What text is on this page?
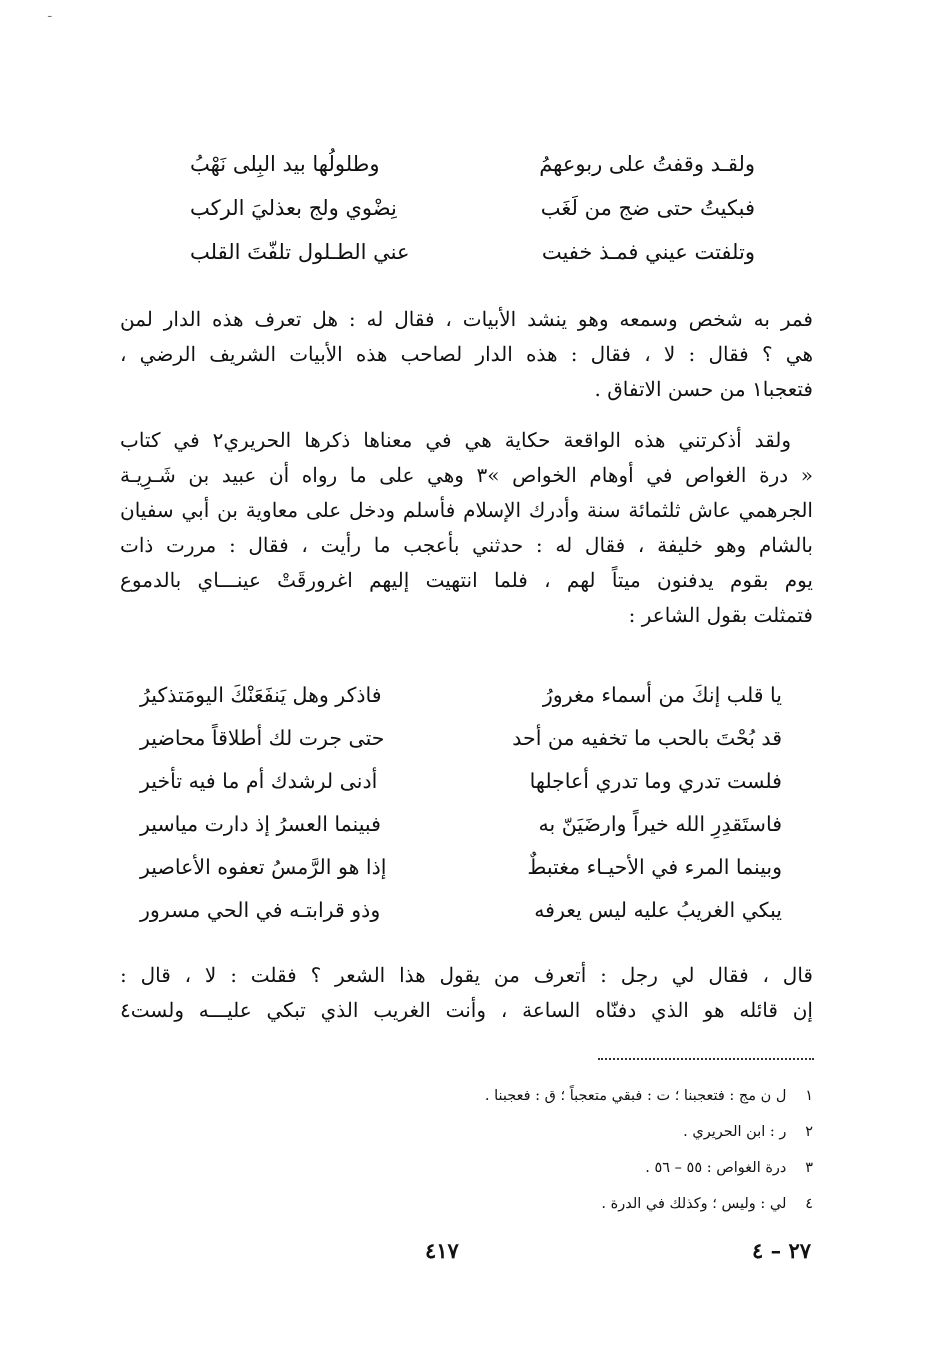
ـ
ولقـد وقفتُ على ربوعهمُ
وطلولُها بيد البِلى نَهْبُ
فبكيتُ حتى ضج من لَغَب
نِضْوي ولج بعذليَ الركب
وتلفتت عيني فمـذ خفيت
عني الطـلول تلفّتَ القلب
فمر به شخص وسمعه وهو ينشد الأبيات ، فقال له : هل تعرف هذه الدار لمن
هي ؟ فقال : لا ، فقال : هذه الدار لصاحب هذه الأبيات الشريف الرضي ،
فتعجبا١ من حسن الاتفاق .
ولقد أذكرتني هذه الواقعة حكاية هي في معناها ذكرها الحريري٢ في كتاب
« درة الغواص في أوهام الخواص »٣ وهي على ما رواه أن عبيد بن شَـرِيـة
الجرهمي عاش ثلثمائة سنة وأدرك الإسلام فأسلم ودخل على معاوية بن أبي سفيان
بالشام وهو خليفة ، فقال له : حدثني بأعجب ما رأيت ، فقال : مررت ذات
يوم بقوم يدفنون ميتاً لهم ، فلما انتهيت إليهم اغرورقَتْ عينـــاي بالدموع
فتمثلت بقول الشاعر :
يا قلب إنكَ من أسماء مغرورُ
فاذكر وهل يَنفَعَنْكَ اليومَتذكيرُ
قد بُحْتَ بالحب ما تخفيه من أحد
حتى جرت لك أطلاقاً محاضير
فلست تدري وما تدري أعاجلها
أدنى لرشدك أم ما فيه تأخير
فاستَقدِرِ الله خيراً وارضَيَنّ به
فبينما العسرُ إذ دارت مياسير
وبينما المرء في الأحيـاء مغتبطٌ
إذا هو الرَّمسُ تعفوه الأعاصير
يبكي الغريبُ عليه ليس يعرفه
وذو قرابتـه في الحي مسرور
قال ، فقال لي رجل : أتعرف من يقول هذا الشعر ؟ فقلت : لا ، قال :
إن قائله هو الذي دفنّاه الساعة ، وأنت الغريب الذي تبكي عليـــه ولست٤
١ ل ن مج : فتعجبنا ؛ ت : فبقي متعجباً ؛ ق : فعجبنا .
٢ ر : ابن الحريري .
٣ درة الغواص : ٥٥ – ٥٦ .
٤ لي : وليس ؛ وكذلك في الدرة .
٢٧ – ٤
٤١٧
